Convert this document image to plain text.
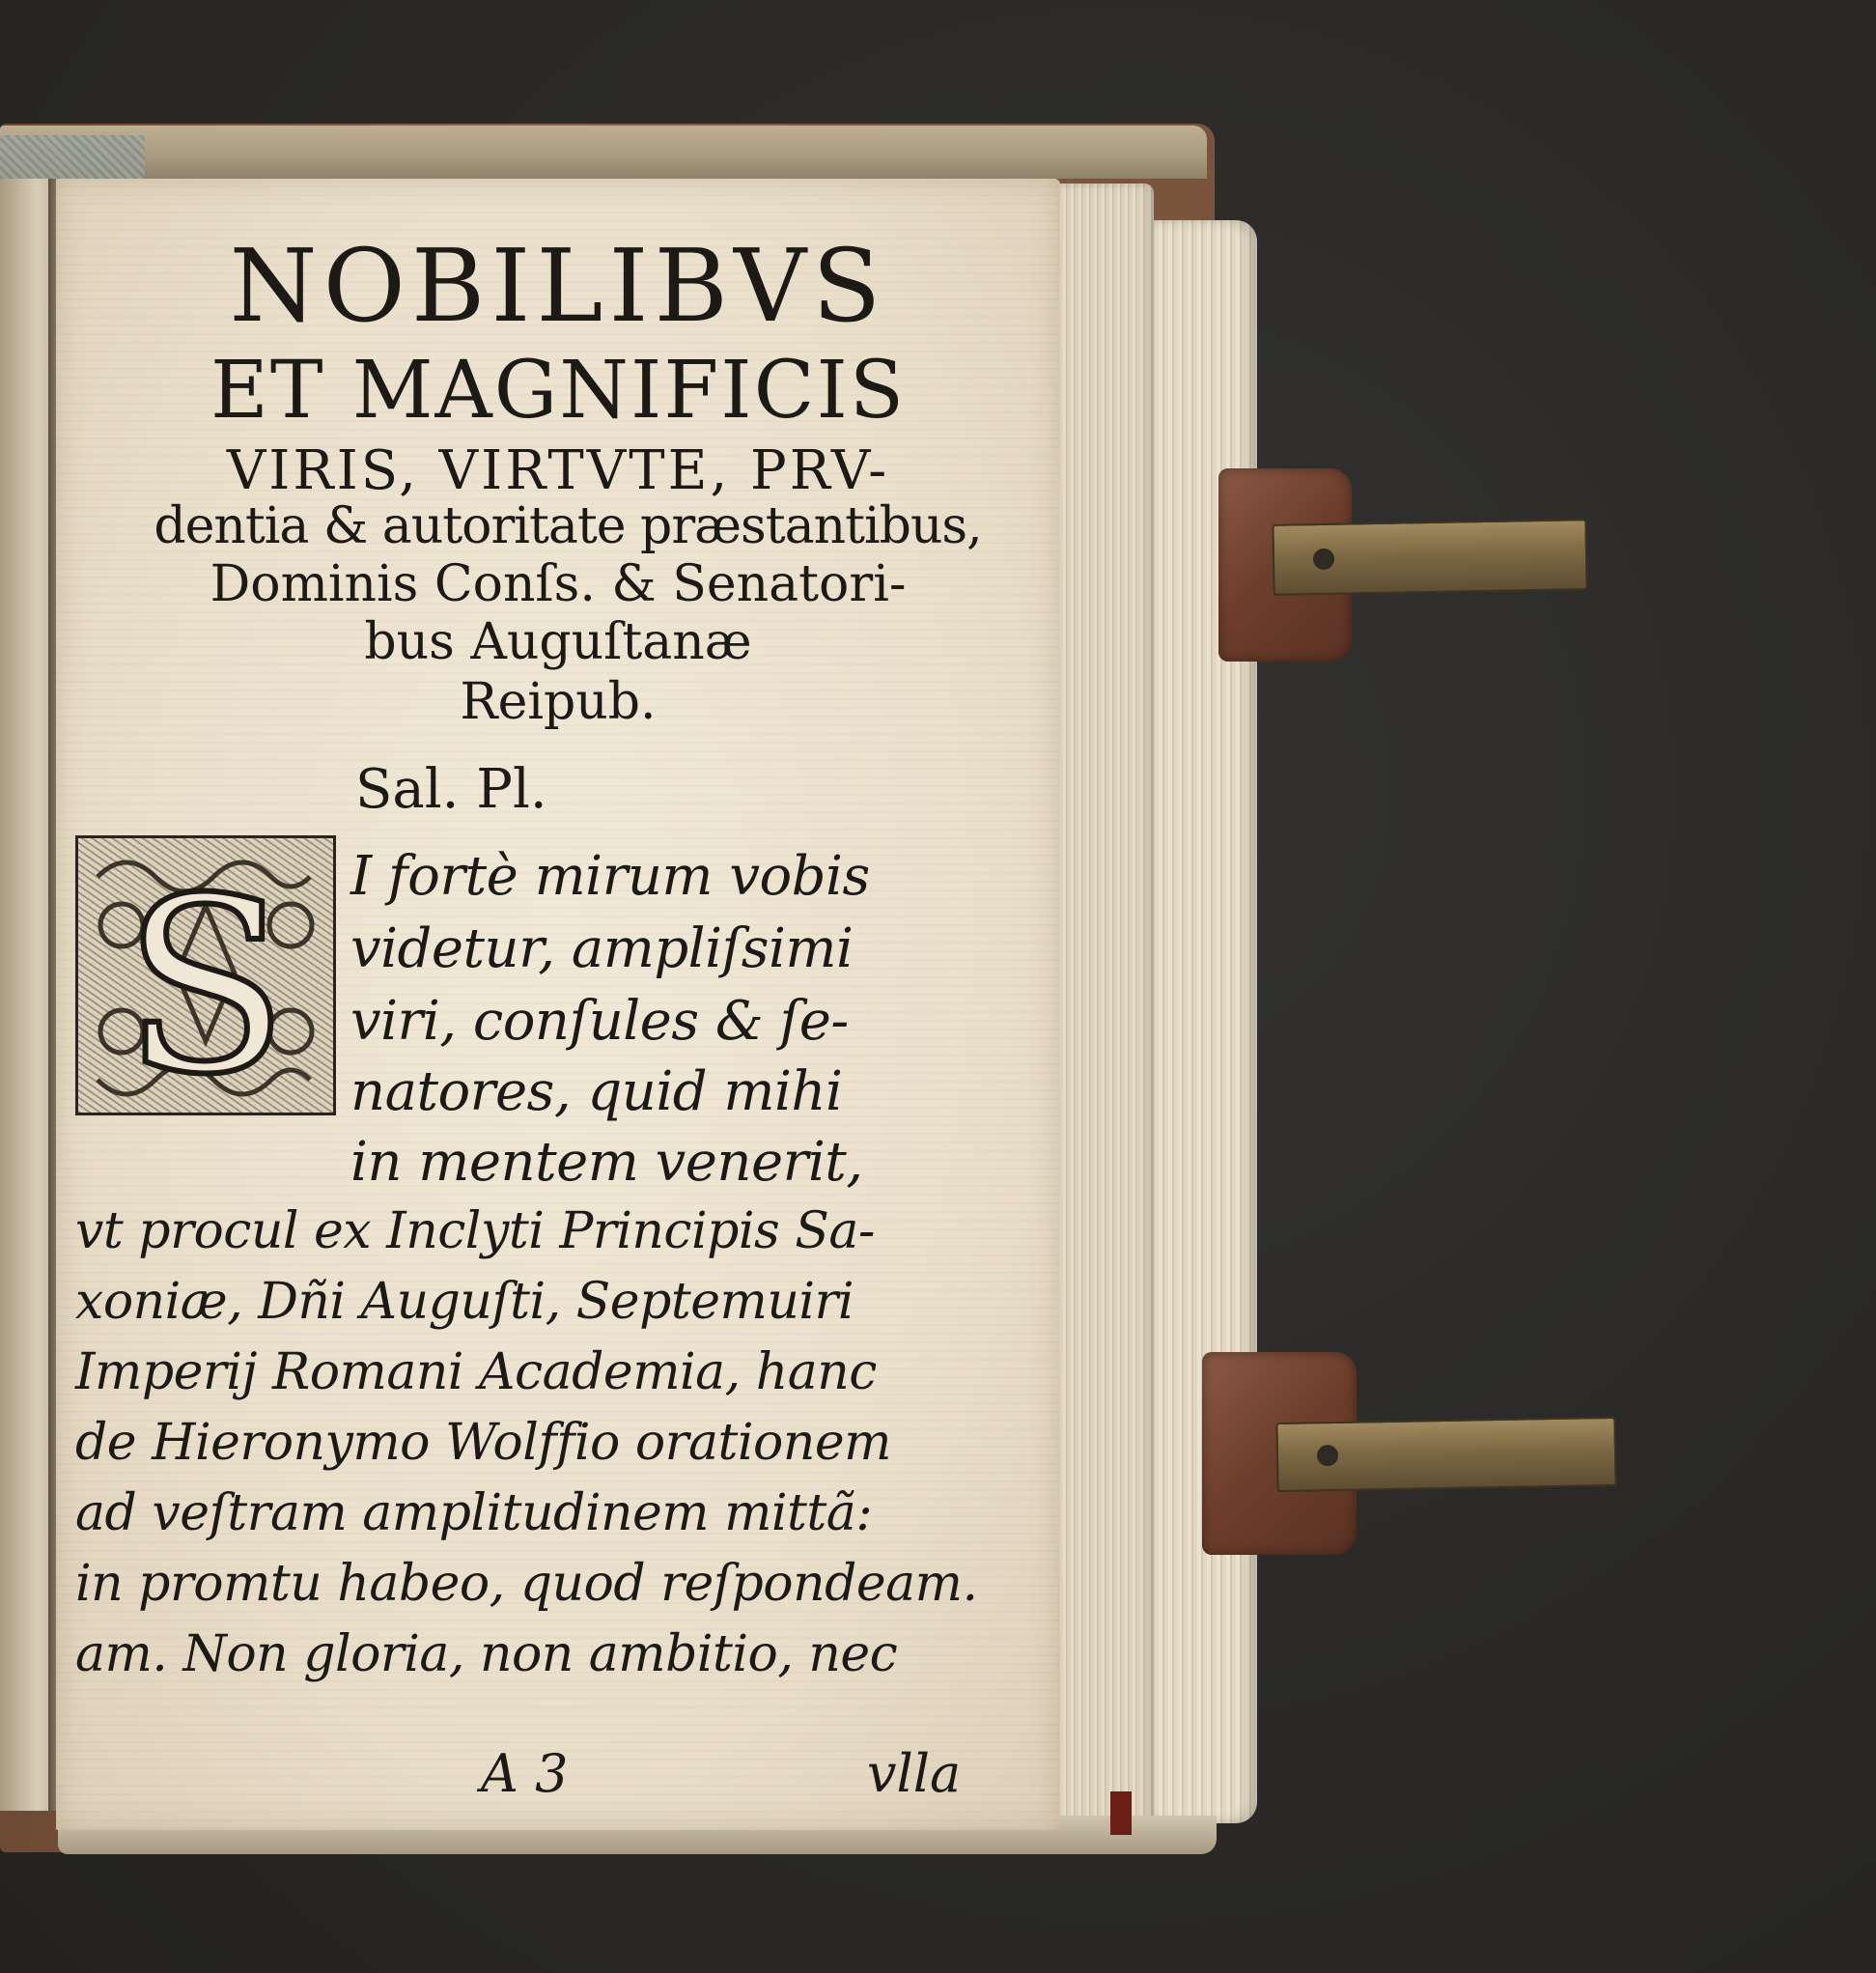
NOBILIBVS
ET MAGNIFICIS
VIRIS, VIRTVTE, PRV-
dentia & autoritate præstantibus,
Dominis Conſs. & Senatori-
bus Auguſtanæ
Reipub.
Sal. Pl.
S I fortè mirum vobis
videtur, ampliſsimi
viri, conſules & ſe-
natores, quid mihi
in mentem venerit,
vt procul ex Inclyti Principis Sa-
xoniæ, Dñi Auguſti, Septemuiri
Imperij Romani Academia, hanc
de Hieronymo Wolffio orationem
ad veſtram amplitudinem mittã:
in promtu habeo, quod reſpondeam.
am. Non gloria, non ambitio, nec
A 3	vlla
